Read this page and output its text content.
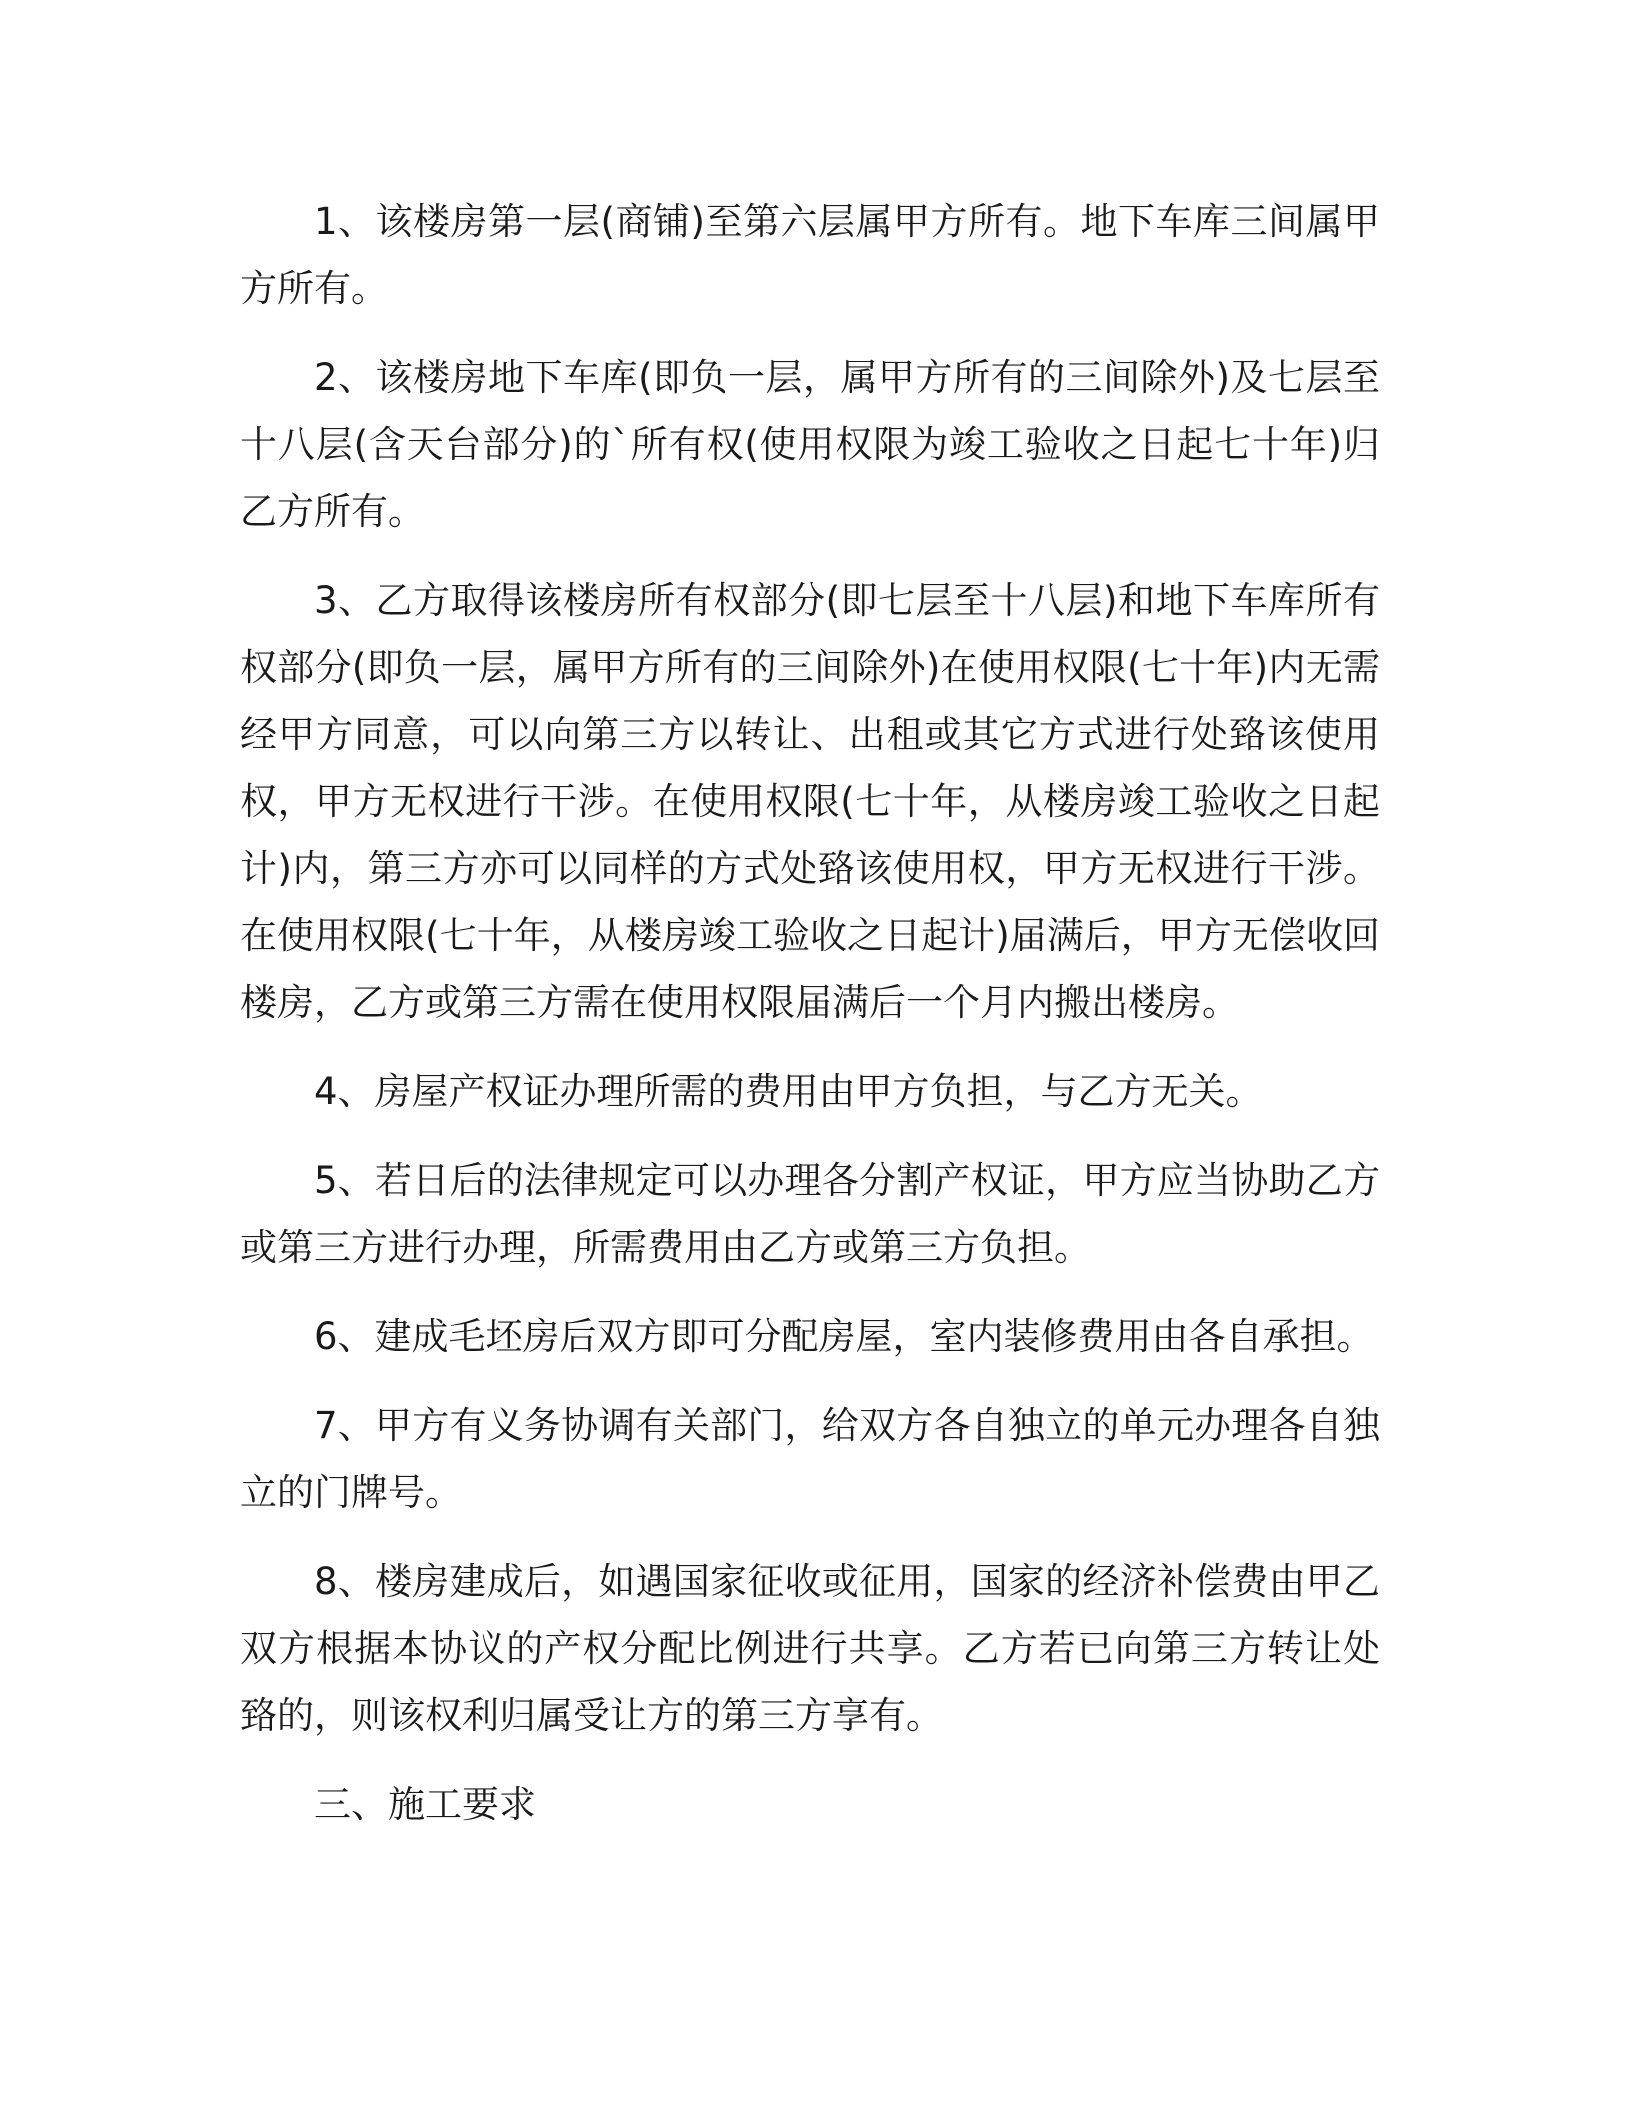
1、该楼房第一层(商铺)至第六层属甲方所有。地下车库三间属甲方所有。

2、该楼房地下车库(即负一层，属甲方所有的三间除外)及七层至十八层(含天台部分)的`所有权(使用权限为竣工验收之日起七十年)归乙方所有。

3、乙方取得该楼房所有权部分(即七层至十八层)和地下车库所有权部分(即负一层，属甲方所有的三间除外)在使用权限(七十年)内无需经甲方同意，可以向第三方以转让、出租或其它方式进行处臵该使用权，甲方无权进行干涉。在使用权限(七十年，从楼房竣工验收之日起计)内，第三方亦可以同样的方式处臵该使用权，甲方无权进行干涉。在使用权限(七十年，从楼房竣工验收之日起计)届满后，甲方无偿收回楼房，乙方或第三方需在使用权限届满后一个月内搬出楼房。

4、房屋产权证办理所需的费用由甲方负担，与乙方无关。

5、若日后的法律规定可以办理各分割产权证，甲方应当协助乙方或第三方进行办理，所需费用由乙方或第三方负担。

6、建成毛坯房后双方即可分配房屋，室内装修费用由各自承担。

7、甲方有义务协调有关部门，给双方各自独立的单元办理各自独立的门牌号。

8、楼房建成后，如遇国家征收或征用，国家的经济补偿费由甲乙双方根据本协议的产权分配比例进行共享。乙方若已向第三方转让处臵的，则该权利归属受让方的第三方享有。

三、施工要求
